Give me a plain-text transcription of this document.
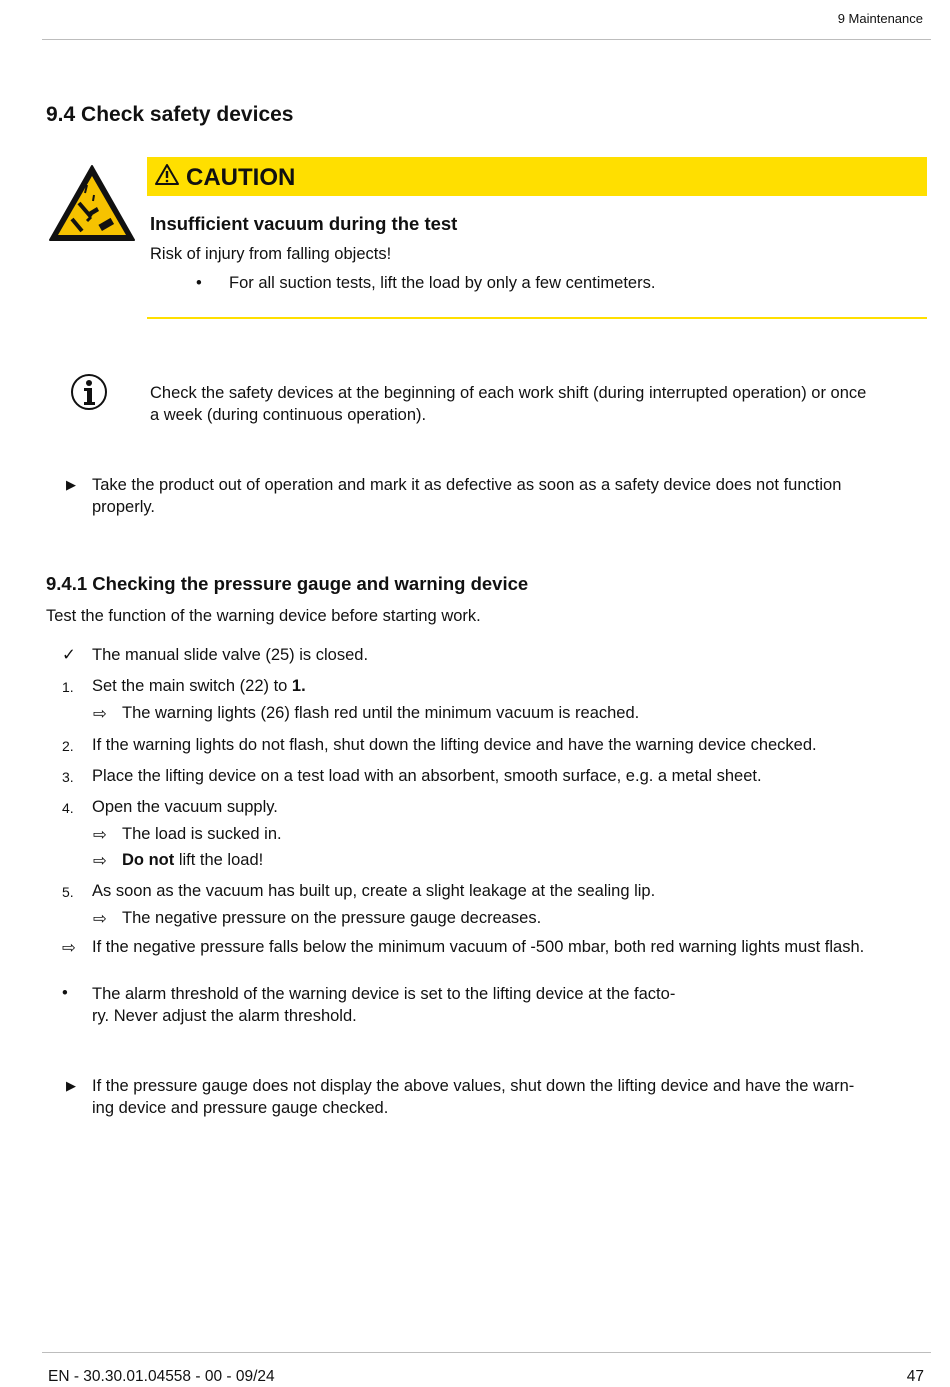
9 Maintenance
9.4 Check safety devices
CAUTION
Insufficient vacuum during the test
Risk of injury from falling objects!
• For all suction tests, lift the load by only a few centimeters.
Check the safety devices at the beginning of each work shift (during interrupted operation) or once
a week (during continuous operation).
▶ Take the product out of operation and mark it as defective as soon as a safety device does not function
properly.
9.4.1 Checking the pressure gauge and warning device
Test the function of the warning device before starting work.
✓ The manual slide valve (25) is closed.
1. Set the main switch (22) to 1.
⇨ The warning lights (26) flash red until the minimum vacuum is reached.
2. If the warning lights do not flash, shut down the lifting device and have the warning device checked.
3. Place the lifting device on a test load with an absorbent, smooth surface, e.g. a metal sheet.
4. Open the vacuum supply.
⇨ The load is sucked in.
⇨ Do not lift the load!
5. As soon as the vacuum has built up, create a slight leakage at the sealing lip.
⇨ The negative pressure on the pressure gauge decreases.
⇨ If the negative pressure falls below the minimum vacuum of -500 mbar, both red warning lights must flash.
• The alarm threshold of the warning device is set to the lifting device at the facto-
ry. Never adjust the alarm threshold.
▶ If the pressure gauge does not display the above values, shut down the lifting device and have the warn-
ing device and pressure gauge checked.
EN - 30.30.01.04558 - 00 - 09/24	47
